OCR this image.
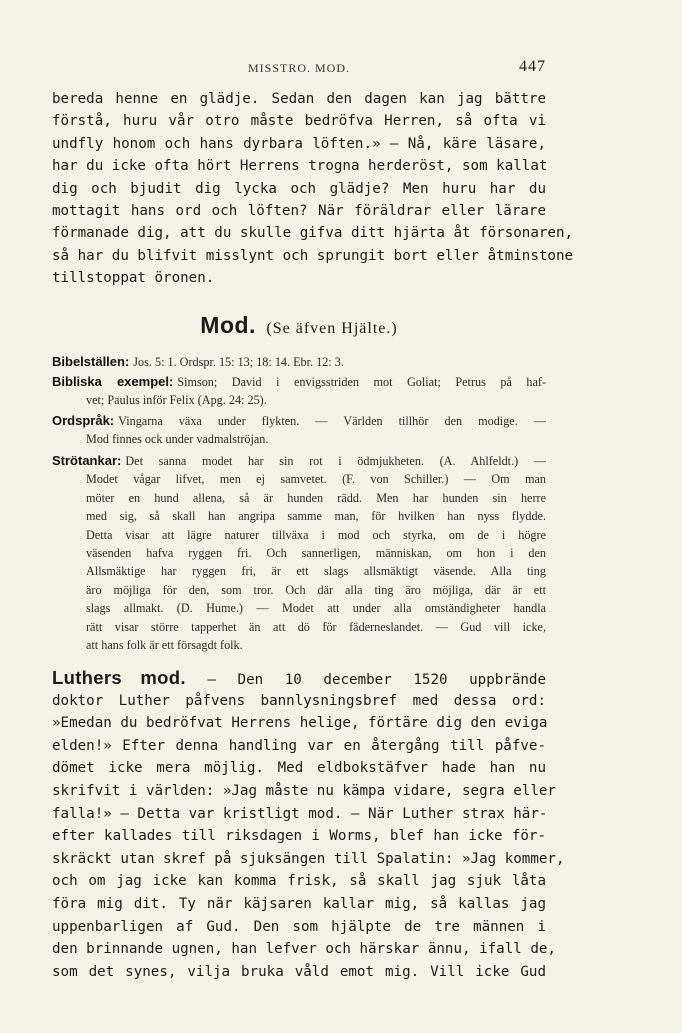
MISSTRO. MOD.	447
bereda henne en glädje. Sedan den dagen kan jag bättre
förstå, huru vår otro måste bedröfva Herren, så ofta vi
undfly honom och hans dyrbara löften.» — Nå, käre läsare,
har du icke ofta hört Herrens trogna herderöst, som kallat
dig och bjudit dig lycka och glädje? Men huru har du
mottagit hans ord och löften? När föräldrar eller lärare
förmanade dig, att du skulle gifva ditt hjärta åt försonaren,
så har du blifvit misslynt och sprungit bort eller åtminstone
tillstoppat öronen.
Mod. (Se äfven Hjälte.)
Bibelställen: Jos. 5: 1. Ordspr. 15: 13; 18: 14. Ebr. 12: 3.
Bibliska exempel: Simson; David i envigsstriden mot Goliat; Petrus på haf-
vet; Paulus inför Felix (Apg. 24: 25).
Ordspråk: Vingarna växa under flykten. — Världen tillhör den modige. —
Mod finnes ock under vadmalströjan.
Strötankar: Det sanna modet har sin rot i ödmjukheten. (A. Ahlfeldt.) —
Modet vågar lifvet, men ej samvetet. (F. von Schiller.) — Om man
möter en hund allena, så är hunden rädd. Men har hunden sin herre
med sig, så skall han angripa samme man, för hvilken han nyss flydde.
Detta visar att lägre naturer tillväxa i mod och styrka, om de i högre
väsenden hafva ryggen fri. Och sannerligen, människan, om hon i den
Allsmäktige har ryggen fri, är ett slags allsmäktigt väsende. Alla ting
äro möjliga för den, som tror. Och där alla ting äro möjliga, där är ett
slags allmakt. (D. Hume.) — Modet att under alla omständigheter handla
rätt visar större tapperhet än att dö för fäderneslandet. — Gud vill icke,
att hans folk är ett försagdt folk.
Luthers mod. — Den 10 december 1520 uppbrände
doktor Luther påfvens bannlysningsbref med dessa ord:
»Emedan du bedröfvat Herrens helige, förtäre dig den eviga
elden!» Efter denna handling var en återgång till påfve-
dömet icke mera möjlig. Med eldbokstäfver hade han nu
skrifvit i världen: »Jag måste nu kämpa vidare, segra eller
falla!» — Detta var kristligt mod. — När Luther strax här-
efter kallades till riksdagen i Worms, blef han icke för-
skräckt utan skref på sjuksängen till Spalatin: »Jag kommer,
och om jag icke kan komma frisk, så skall jag sjuk låta
föra mig dit. Ty när käjsaren kallar mig, så kallas jag
uppenbarligen af Gud. Den som hjälpte de tre männen i
den brinnande ugnen, han lefver och härskar ännu, ifall de,
som det synes, vilja bruka våld emot mig. Vill icke Gud
